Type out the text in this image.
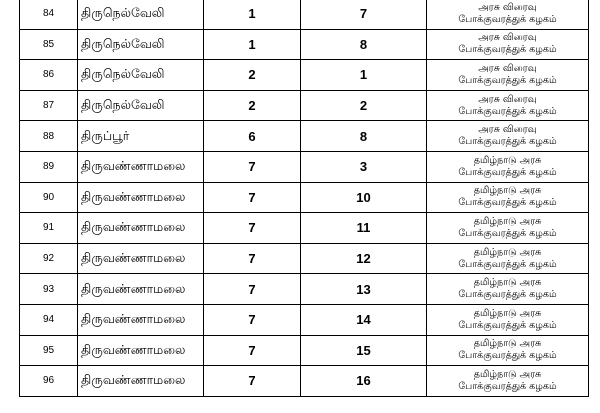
84	திருநெல்வேலி	1	7	அரசு விரைவு
போக்குவரத்துக் கழகம்

85	திருநெல்வேலி	1	8	அரசு விரைவு
போக்குவரத்துக் கழகம்

86	திருநெல்வேலி	2	1	அரசு விரைவு
போக்குவரத்துக் கழகம்

87	திருநெல்வேலி	2	2	அரசு விரைவு
போக்குவரத்துக் கழகம்

88	திருப்பூர்	6	8	அரசு விரைவு
போக்குவரத்துக் கழகம்

89	திருவண்ணாமலை	7	3	தமிழ்நாடு அரசு
போக்குவரத்துக் கழகம்

90	திருவண்ணாமலை	7	10	தமிழ்நாடு அரசு
போக்குவரத்துக் கழகம்

91	திருவண்ணாமலை	7	11	தமிழ்நாடு அரசு
போக்குவரத்துக் கழகம்

92	திருவண்ணாமலை	7	12	தமிழ்நாடு அரசு
போக்குவரத்துக் கழகம்

93	திருவண்ணாமலை	7	13	தமிழ்நாடு அரசு
போக்குவரத்துக் கழகம்

94	திருவண்ணாமலை	7	14	தமிழ்நாடு அரசு
போக்குவரத்துக் கழகம்

95	திருவண்ணாமலை	7	15	தமிழ்நாடு அரசு
போக்குவரத்துக் கழகம்

96	திருவண்ணாமலை	7	16	தமிழ்நாடு அரசு
போக்குவரத்துக் கழகம்
